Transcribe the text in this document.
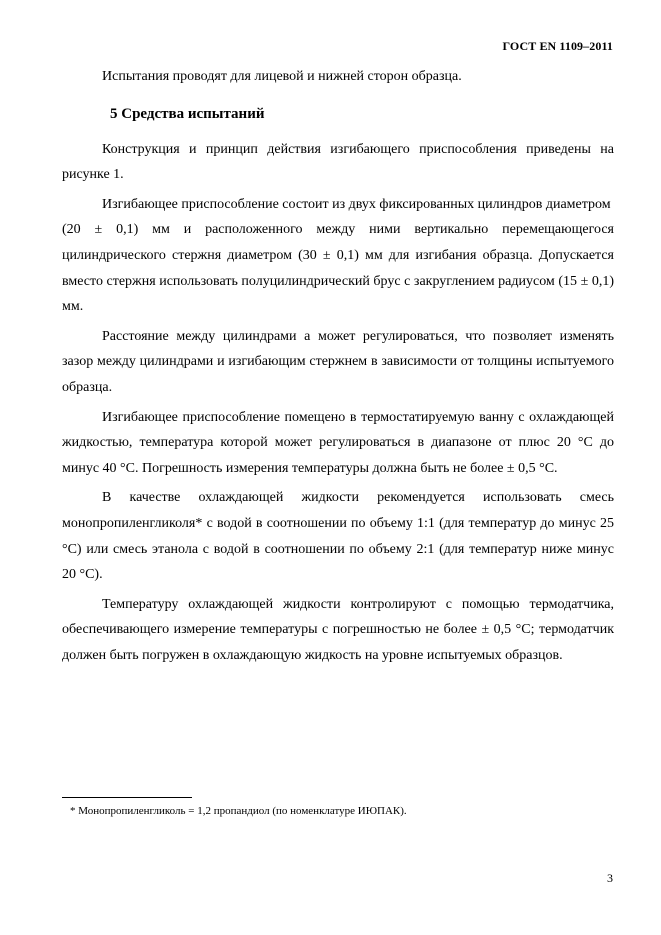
ГОСТ EN 1109–2011

Испытания проводят для лицевой и нижней сторон образца.

5 Средства испытаний

Конструкция и принцип действия изгибающего приспособления приведены на рисунке 1.

Изгибающее приспособление состоит из двух фиксированных цилиндров диаметром

(20 ± 0,1) мм и расположенного между ними вертикально перемещающегося цилиндрического стержня диаметром (30 ± 0,1) мм для изгибания образца. Допускается вместо стержня использовать полуцилиндрический брус с закруглением радиусом (15 ± 0,1) мм.

Расстояние между цилиндрами а может регулироваться, что позволяет изменять зазор между цилиндрами и изгибающим стержнем в зависимости от толщины испытуемого образца.

Изгибающее приспособление помещено в термостатируемую ванну с охлаждающей жидкостью, температура которой может регулироваться в диапазоне от плюс 20 °С до минус 40 °С. Погрешность измерения температуры должна быть не более ± 0,5 °С.

В качестве охлаждающей жидкости рекомендуется использовать смесь монопропиленгликоля* с водой в соотношении по объему 1:1 (для температур до минус 25 °С) или смесь этанола с водой в соотношении по объему 2:1 (для температур ниже минус 20 °С).

Температуру охлаждающей жидкости контролируют с помощью термодатчика, обеспечивающего измерение температуры с погрешностью не более ± 0,5 °С; термодатчик должен быть погружен в охлаждающую жидкость на уровне испытуемых образцов.

* Монопропиленгликоль = 1,2 пропандиол (по номенклатуре ИЮПАК).
3
